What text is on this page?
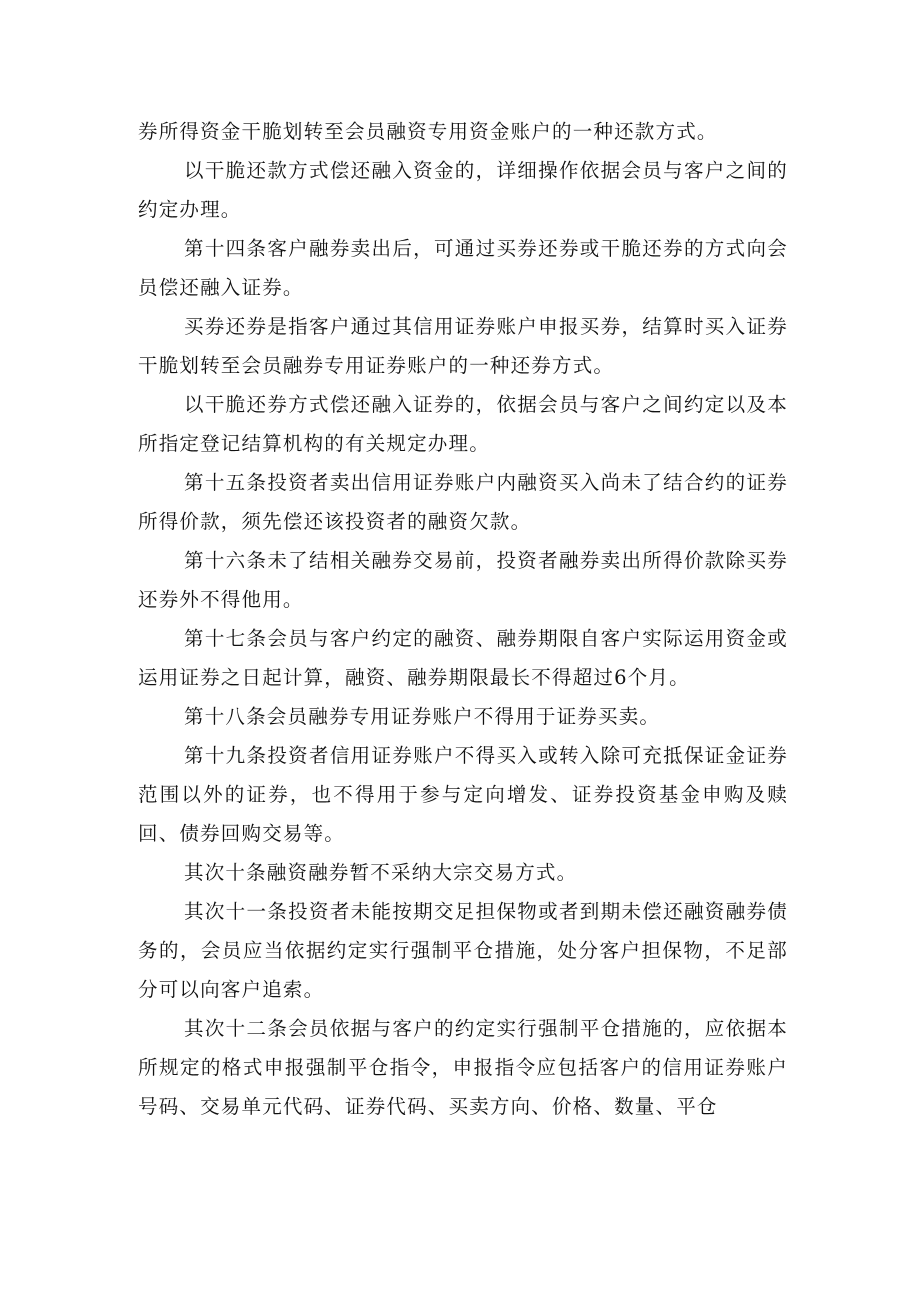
券所得资金干脆划转至会员融资专用资金账户的一种还款方式。

以干脆还款方式偿还融入资金的，详细操作依据会员与客户之间的约定办理。

第十四条客户融券卖出后，可通过买券还券或干脆还券的方式向会员偿还融入证券。

买券还券是指客户通过其信用证券账户申报买券，结算时买入证券干脆划转至会员融券专用证券账户的一种还券方式。

以干脆还券方式偿还融入证券的，依据会员与客户之间约定以及本所指定登记结算机构的有关规定办理。

第十五条投资者卖出信用证券账户内融资买入尚未了结合约的证券所得价款，须先偿还该投资者的融资欠款。

第十六条未了结相关融券交易前，投资者融券卖出所得价款除买券还券外不得他用。

第十七条会员与客户约定的融资、融券期限自客户实际运用资金或运用证券之日起计算，融资、融券期限最长不得超过6个月。

第十八条会员融券专用证券账户不得用于证券买卖。

第十九条投资者信用证券账户不得买入或转入除可充抵保证金证券范围以外的证券，也不得用于参与定向增发、证券投资基金申购及赎回、债券回购交易等。

其次十条融资融券暂不采纳大宗交易方式。

其次十一条投资者未能按期交足担保物或者到期未偿还融资融券债务的，会员应当依据约定实行强制平仓措施，处分客户担保物，不足部分可以向客户追索。

其次十二条会员依据与客户的约定实行强制平仓措施的，应依据本所规定的格式申报强制平仓指令，申报指令应包括客户的信用证券账户号码、交易单元代码、证券代码、买卖方向、价格、数量、平仓
